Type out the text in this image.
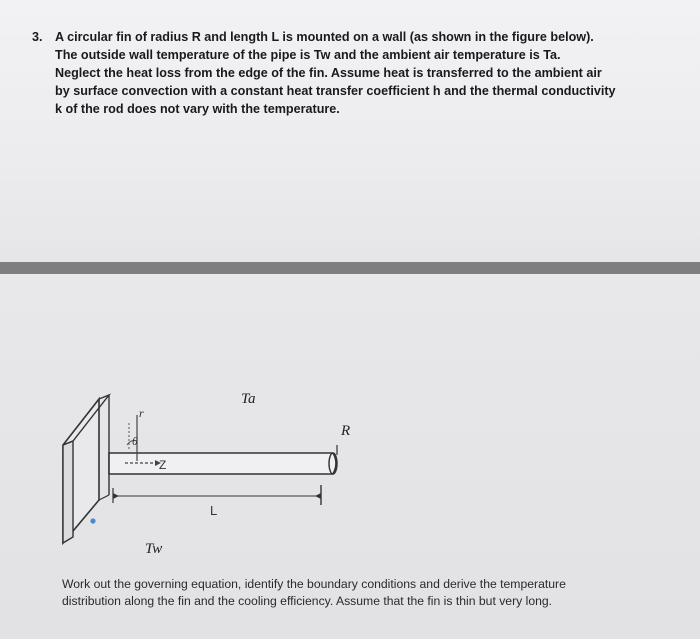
3. A circular fin of radius R and length L is mounted on a wall (as shown in the figure below).
The outside wall temperature of the pipe is Tw and the ambient air temperature is Ta.
Neglect the heat loss from the edge of the fin. Assume heat is transferred to the ambient air
by surface convection with a constant heat transfer coefficient h and the thermal conductivity
k of the rod does not vary with the temperature.
Ta
R
r
θ
Z
L
Tw
Work out the governing equation, identify the boundary conditions and derive the temperature
distribution along the fin and the cooling efficiency. Assume that the fin is thin but very long.
